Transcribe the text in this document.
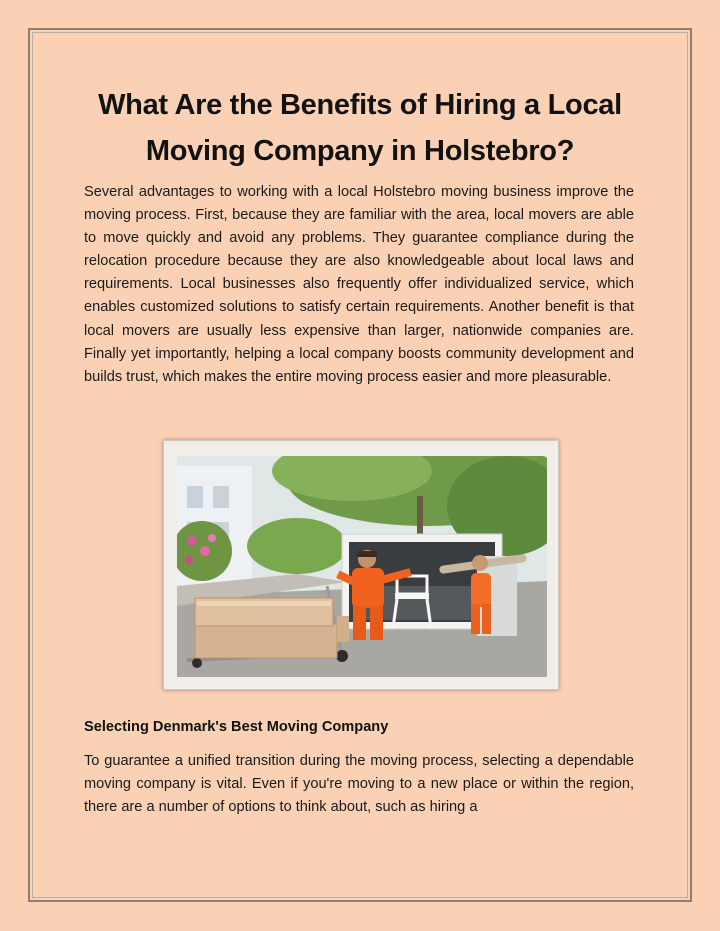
What Are the Benefits of Hiring a Local Moving Company in Holstebro?

Several advantages to working with a local Holstebro moving business improve the moving process. First, because they are familiar with the area, local movers are able to move quickly and avoid any problems. They guarantee compliance during the relocation procedure because they are also knowledgeable about local laws and requirements. Local businesses also frequently offer individualized service, which enables customized solutions to satisfy certain requirements. Another benefit is that local movers are usually less expensive than larger, nationwide companies are. Finally yet importantly, helping a local company boosts community development and builds trust, which makes the entire moving process easier and more pleasurable.

Selecting Denmark's Best Moving Company

To guarantee a unified transition during the moving process, selecting a dependable moving company is vital. Even if you're moving to a new place or within the region, there are a number of options to think about, such as hiring a
